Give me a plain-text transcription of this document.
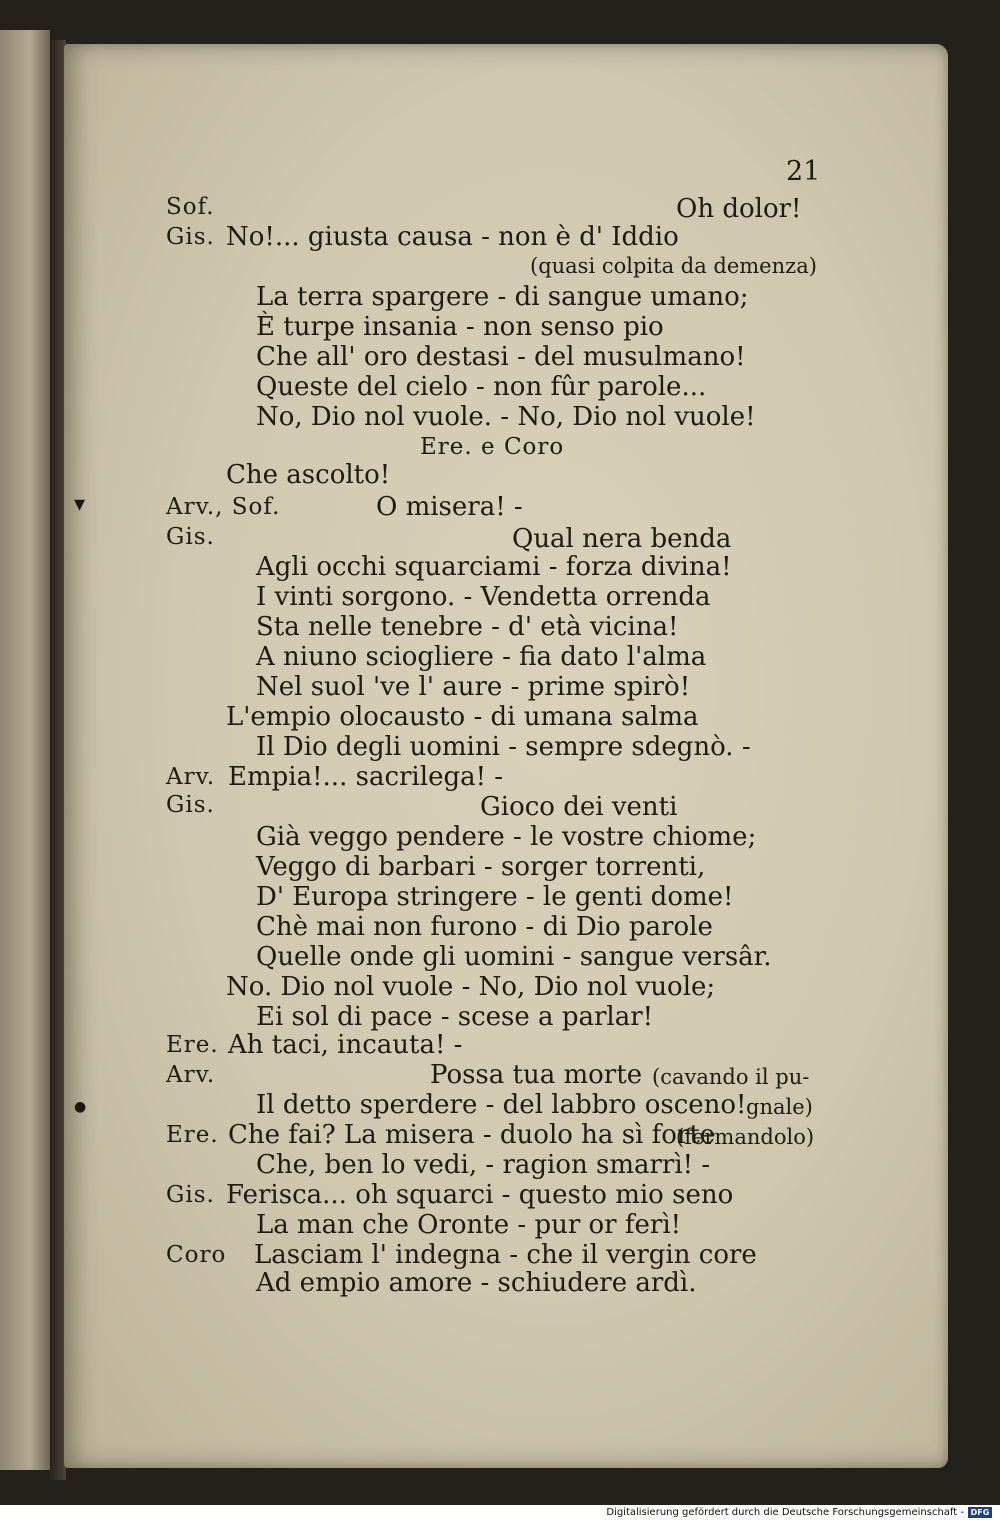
21
Sof.	Oh dolor!
Gis. No!... giusta causa - non è d' Iddio
(quasi colpita da demenza)
La terra spargere - di sangue umano;
È turpe insania - non senso pio
Che all' oro destasi - del musulmano!
Queste del cielo - non fûr parole...
No, Dio nol vuole. - No, Dio nol vuole!
Ere. e Coro
Che ascolto!
Arv., Sof.	O misera! -
Gis.	Qual nera benda
Agli occhi squarciami - forza divina!
I vinti sorgono. - Vendetta orrenda
Sta nelle tenebre - d' età vicina!
A niuno sciogliere - fia dato l'alma
Nel suol 've l' aure - prime spirò!
L'empio olocausto - di umana salma
Il Dio degli uomini - sempre sdegnò. -
Arv. Empia!... sacrilega! -
Gis.	Gioco dei venti
Già veggo pendere - le vostre chiome;
Veggo di barbari - sorger torrenti,
D' Europa stringere - le genti dome!
Chè mai non furono - di Dio parole
Quelle onde gli uomini - sangue versâr.
No. Dio nol vuole - No, Dio nol vuole;
Ei sol di pace - scese a parlar!
Ere. Ah taci, incauta! -
Arv.	Possa tua morte (cavando il pu-
Il detto sperdere - del labbro osceno! gnale)
Ere. Che fai? La misera - duolo ha sì forte
(fermandolo)
Che, ben lo vedi, - ragion smarrì! -
Gis. Ferisca... oh squarci - questo mio seno
La man che Oronte - pur or ferì!
Coro Lasciam l' indegna - che il vergin core
Ad empio amore - schiudere ardì.
▾
●
Digitalisierung gefördert durch die Deutsche Forschungsgemeinschaft - DFG
